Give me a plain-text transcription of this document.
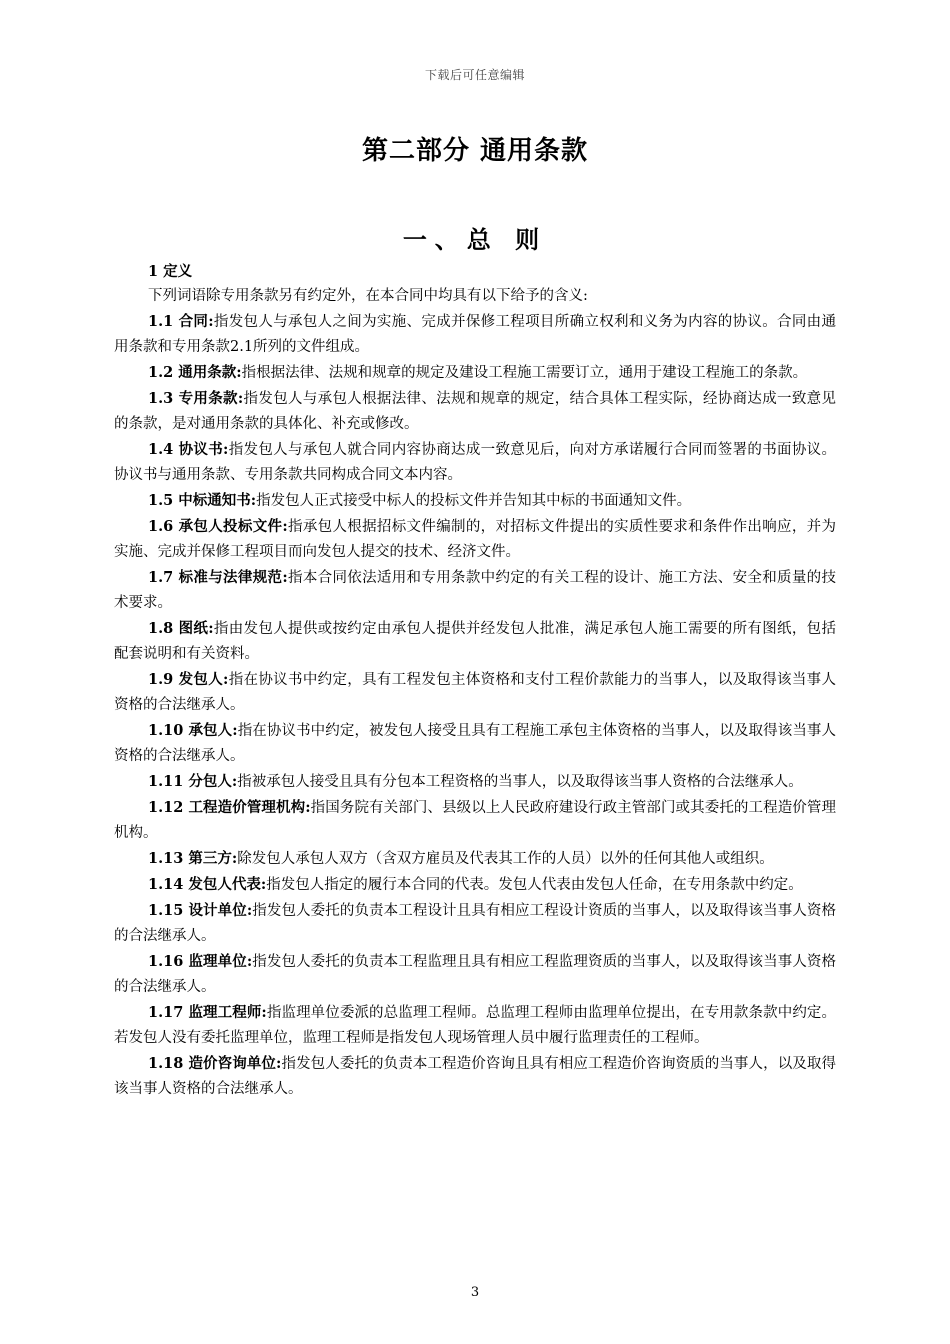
下载后可任意编辑
第二部分 通用条款
一、总 则

1 定义

下列词语除专用条款另有约定外，在本合同中均具有以下给予的含义:

1.1 合同:指发包人与承包人之间为实施、完成并保修工程项目所确立权利和义务为内容的协议。合同由通用条款和专用条款2.1所列的文件组成。

1.2 通用条款:指根据法律、法规和规章的规定及建设工程施工需要订立，通用于建设工程施工的条款。

1.3 专用条款:指发包人与承包人根据法律、法规和规章的规定，结合具体工程实际，经协商达成一致意见的条款，是对通用条款的具体化、补充或修改。

1.4 协议书:指发包人与承包人就合同内容协商达成一致意见后，向对方承诺履行合同而签署的书面协议。协议书与通用条款、专用条款共同构成合同文本内容。

1.5 中标通知书:指发包人正式接受中标人的投标文件并告知其中标的书面通知文件。

1.6 承包人投标文件:指承包人根据招标文件编制的，对招标文件提出的实质性要求和条件作出响应，并为实施、完成并保修工程项目而向发包人提交的技术、经济文件。

1.7 标准与法律规范:指本合同依法适用和专用条款中约定的有关工程的设计、施工方法、安全和质量的技术要求。

1.8 图纸:指由发包人提供或按约定由承包人提供并经发包人批准，满足承包人施工需要的所有图纸，包括配套说明和有关资料。

1.9 发包人:指在协议书中约定，具有工程发包主体资格和支付工程价款能力的当事人，以及取得该当事人资格的合法继承人。

1.10 承包人:指在协议书中约定，被发包人接受且具有工程施工承包主体资格的当事人，以及取得该当事人资格的合法继承人。

1.11 分包人:指被承包人接受且具有分包本工程资格的当事人，以及取得该当事人资格的合法继承人。

1.12 工程造价管理机构:指国务院有关部门、县级以上人民政府建设行政主管部门或其委托的工程造价管理机构。

1.13 第三方:除发包人承包人双方（含双方雇员及代表其工作的人员）以外的任何其他人或组织。

1.14 发包人代表:指发包人指定的履行本合同的代表。发包人代表由发包人任命，在专用条款中约定。

1.15 设计单位:指发包人委托的负责本工程设计且具有相应工程设计资质的当事人，以及取得该当事人资格的合法继承人。

1.16 监理单位:指发包人委托的负责本工程监理且具有相应工程监理资质的当事人，以及取得该当事人资格的合法继承人。

1.17 监理工程师:指监理单位委派的总监理工程师。总监理工程师由监理单位提出，在专用款条款中约定。若发包人没有委托监理单位，监理工程师是指发包人现场管理人员中履行监理责任的工程师。

1.18 造价咨询单位:指发包人委托的负责本工程造价咨询且具有相应工程造价咨询资质的当事人，以及取得该当事人资格的合法继承人。

3
